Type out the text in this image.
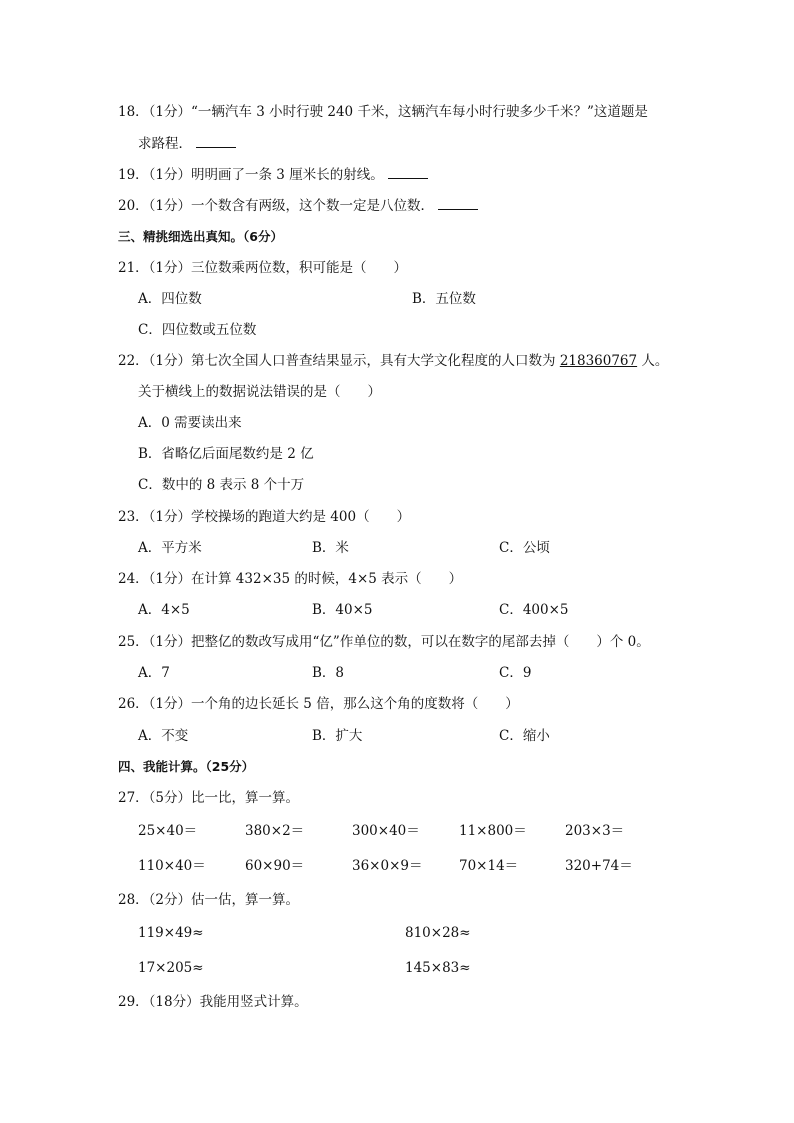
18．（1分）“一辆汽车 3 小时行驶 240 千米，这辆汽车每小时行驶多少千米？”这道题是
求路程．
19．（1分）明明画了一条 3 厘米长的射线。
20．（1分）一个数含有两级，这个数一定是八位数．
三、精挑细选出真知。（6分）
21．（1分）三位数乘两位数，积可能是（　　）
A．四位数	B．五位数
C．四位数或五位数
22．（1分）第七次全国人口普查结果显示，具有大学文化程度的人口数为 218360767 人。
关于横线上的数据说法错误的是（　　）
A．0 需要读出来
B．省略亿后面尾数约是 2 亿
C．数中的 8 表示 8 个十万
23．（1分）学校操场的跑道大约是 400（　　）
A．平方米	B．米	C．公顷
24．（1分）在计算 432×35 的时候，4×5 表示（　　）
A．4×5	B．40×5	C．400×5
25．（1分）把整亿的数改写成用“亿”作单位的数，可以在数字的尾部去掉（　　）个 0。
A．7	B．8	C．9
26．（1分）一个角的边长延长 5 倍，那么这个角的度数将（　　）
A．不变	B．扩大	C．缩小
四、我能计算。（25分）
27．（5分）比一比，算一算。
25×40＝	380×2＝	300×40＝	11×800＝	203×3＝
110×40＝	60×90＝	36×0×9＝	70×14＝	320+74＝
28．（2分）估一估，算一算。
119×49≈	810×28≈
17×205≈	145×83≈
29．（18分）我能用竖式计算。
